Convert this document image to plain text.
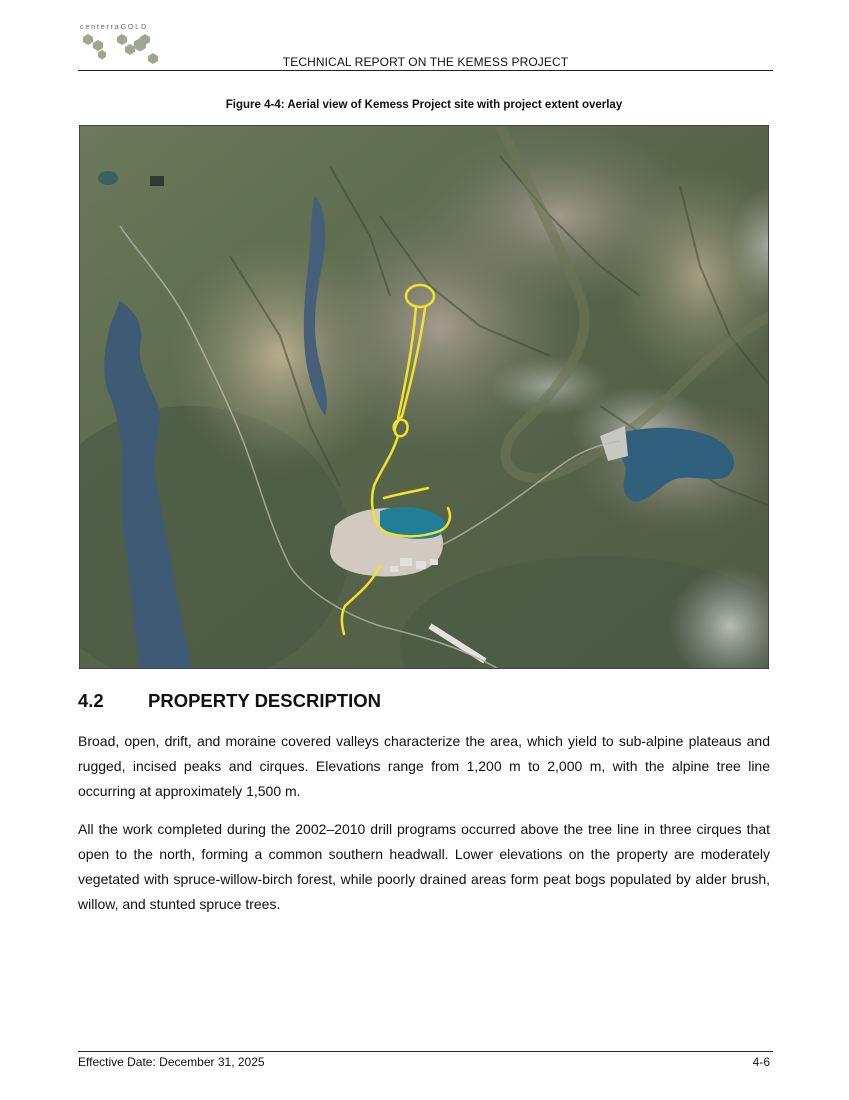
centerraGOLD
TECHNICAL REPORT ON THE KEMESS PROJECT
Figure 4-4: Aerial view of Kemess Project site with project extent overlay
4.2 PROPERTY DESCRIPTION

Broad, open, drift, and moraine covered valleys characterize the area, which yield to sub-alpine plateaus and rugged, incised peaks and cirques. Elevations range from 1,200 m to 2,000 m, with the alpine tree line occurring at approximately 1,500 m.

All the work completed during the 2002–2010 drill programs occurred above the tree line in three cirques that open to the north, forming a common southern headwall. Lower elevations on the property are moderately vegetated with spruce-willow-birch forest, while poorly drained areas form peat bogs populated by alder brush, willow, and stunted spruce trees.

Effective Date: December 31, 2025	4-6
